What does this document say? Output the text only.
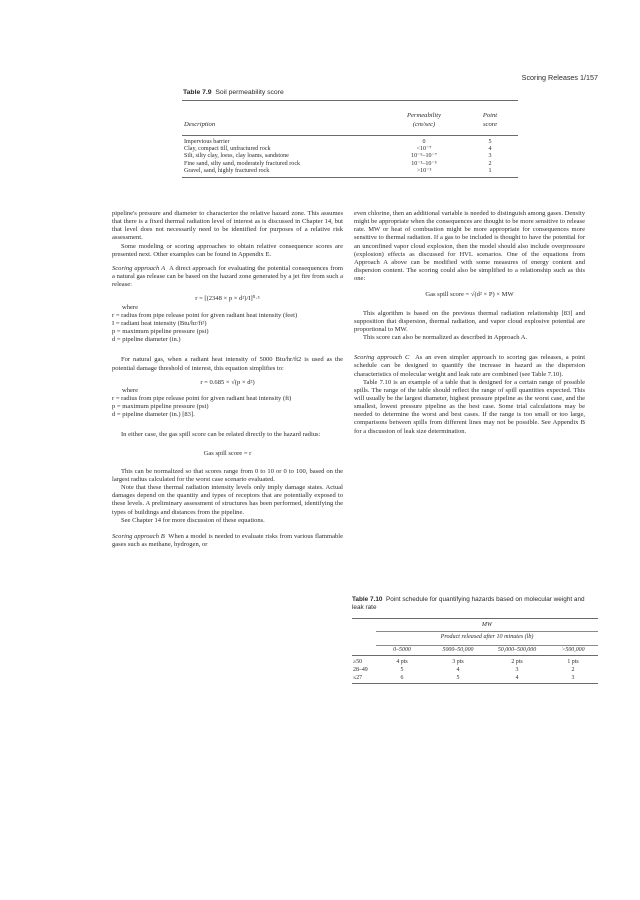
Scoring Releases 1/157
Table 7.9 Soil permeability score
Description
Permeability
(cm/sec)
Point
score
Impervious barrier	0	5
Clay, compact till, unfractured rock	<10⁻⁷	4
Silt, silty clay, loess, clay loams, sandstone	10⁻⁵–10⁻⁷	3
Fine sand, silty sand, moderately fractured rock	10⁻³–10⁻⁵	2
Gravel, sand, highly fractured rock	>10⁻³	1

pipeline's pressure and diameter to characterize the relative hazard zone. This assumes that there is a fixed thermal radiation level of interest as is discussed in Chapter 14, but that level does not necessarily need to be identified for purposes of a relative risk assessment.

Some modeling or scoring approaches to obtain relative consequence scores are presented next. Other examples can be found in Appendix E.

Scoring approach A A direct approach for evaluating the potential consequences from a natural gas release can be based on the hazard zone generated by a jet fire from such a release:

r = [(2348 × p × d²)/I]⁰·⁵

where

r = radius from pipe release point for given radiant heat intensity (feet)

I = radiant heat intensity (Btu/hr/ft²)

p = maximum pipeline pressure (psi)

d = pipeline diameter (in.)

For natural gas, when a radiant heat intensity of 5000 Btu/hr/ft2 is used as the potential damage threshold of interest, this equation simplifies to:

r = 0.685 × √(p × d²)

where

r = radius from pipe release point for given radiant heat intensity (ft)

p = maximum pipeline pressure (psi)

d = pipeline diameter (in.) [83].

In either case, the gas spill score can be related directly to the hazard radius:

Gas spill score = r

This can be normalized so that scores range from 0 to 10 or 0 to 100, based on the largest radius calculated for the worst case scenario evaluated.

Note that these thermal radiation intensity levels only imply damage states. Actual damages depend on the quantity and types of receptors that are potentially exposed to these levels. A preliminary assessment of structures has been performed, identifying the types of buildings and distances from the pipeline.

See Chapter 14 for more discussion of these equations.

Scoring approach B When a model is needed to evaluate risks from various flammable gases such as methane, hydrogen, or

even chlorine, then an additional variable is needed to distinguish among gases. Density might be appropriate when the consequences are thought to be more sensitive to release rate. MW or heat of combustion might be more appropriate for consequences more sensitive to thermal radiation. If a gas to be included is thought to have the potential for an unconfined vapor cloud explosion, then the model should also include overpressure (explosion) effects as discussed for HVL scenarios. One of the equations from Approach A above can be modified with some measures of energy content and dispersion content. The scoring could also be simplified to a relationship such as this one:

Gas spill score = √(d² × P) × MW

This algorithm is based on the previous thermal radiation relationship [83] and supposition that dispersion, thermal radiation, and vapor cloud explosive potential are proportional to MW.

This score can also be normalized as described in Approach A.

Scoring approach C As an even simpler approach to scoring gas releases, a point schedule can be designed to quantify the increase in hazard as the dispersion characteristics of molecular weight and leak rate are combined (see Table 7.10).

Table 7.10 is an example of a table that is designed for a certain range of possible spills. The range of the table should reflect the range of spill quantities expected. This will usually be the largest diameter, highest pressure pipeline as the worst case, and the smallest, lowest pressure pipeline as the best case. Some trial calculations may be needed to determine the worst and best cases. If the range is too small or too large, comparisons between spills from different lines may not be possible. See Appendix B for a discussion of leak size determination.

Table 7.10 Point schedule for quantifying hazards based on molecular weight and leak rate
MW
Product released after 10 minutes (lb)
0–5000	5000–50,000	50,000–500,000	>500,000
≥50	4 pts	3 pts	2 pts	1 pts
28–49	5	4	3	2
≤27	6	5	4	3
